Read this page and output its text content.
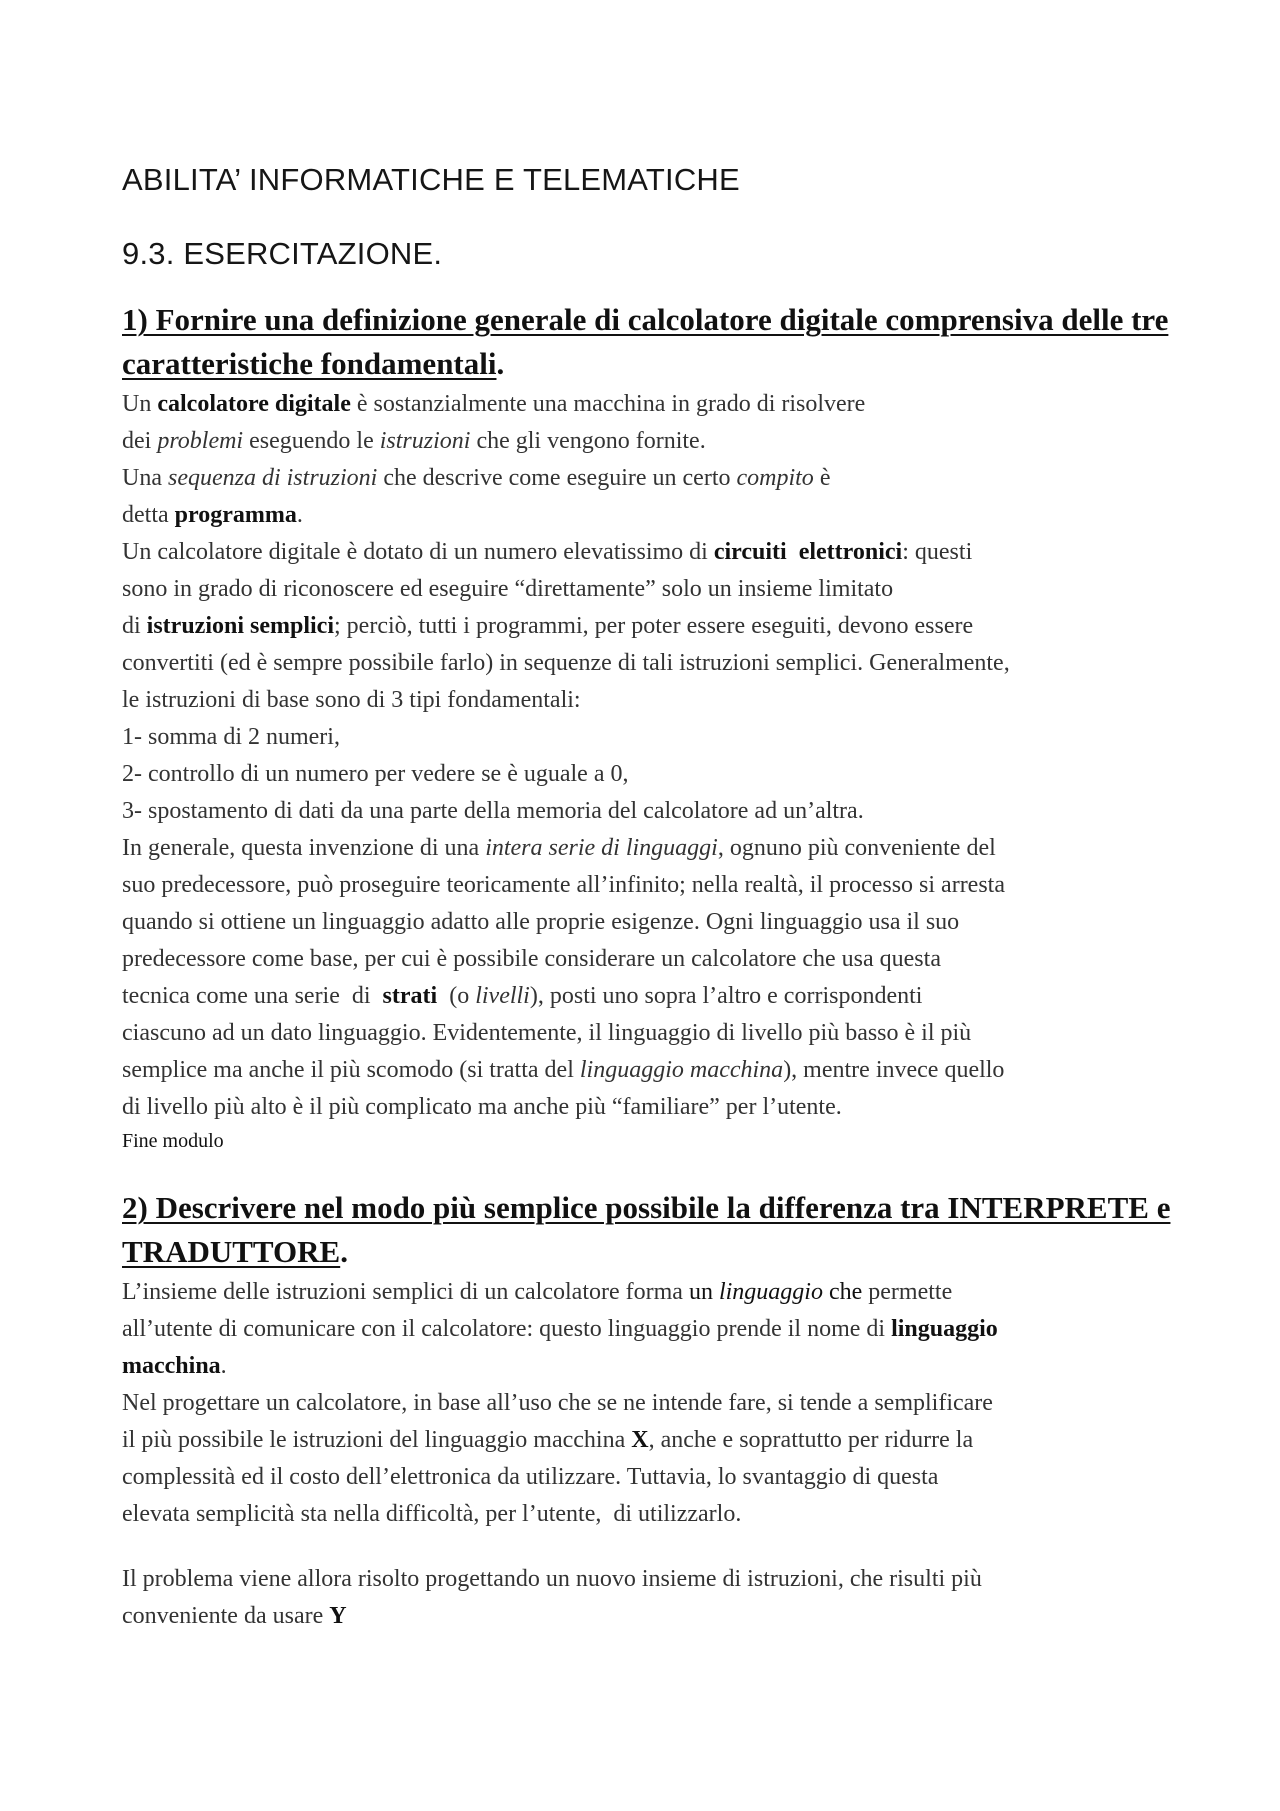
ABILITA’ INFORMATICHE E TELEMATICHE
9.3. ESERCITAZIONE.
1) Fornire una definizione generale di calcolatore digitale comprensiva delle tre caratteristiche fondamentali.

Un calcolatore digitale è sostanzialmente una macchina in grado di risolvere

dei problemi eseguendo le istruzioni che gli vengono fornite.

Una sequenza di istruzioni che descrive come eseguire un certo compito è

detta programma.

Un calcolatore digitale è dotato di un numero elevatissimo di circuiti  elettronici: questi

sono in grado di riconoscere ed eseguire “direttamente” solo un insieme limitato

di istruzioni semplici; perciò, tutti i programmi, per poter essere eseguiti, devono essere

convertiti (ed è sempre possibile farlo) in sequenze di tali istruzioni semplici. Generalmente,

le istruzioni di base sono di 3 tipi fondamentali:

1- somma di 2 numeri,

2- controllo di un numero per vedere se è uguale a 0,

3- spostamento di dati da una parte della memoria del calcolatore ad un’altra.

In generale, questa invenzione di una intera serie di linguaggi, ognuno più conveniente del

suo predecessore, può proseguire teoricamente all’infinito; nella realtà, il processo si arresta

quando si ottiene un linguaggio adatto alle proprie esigenze. Ogni linguaggio usa il suo

predecessore come base, per cui è possibile considerare un calcolatore che usa questa

tecnica come una serie  di  strati  (o livelli), posti uno sopra l’altro e corrispondenti

ciascuno ad un dato linguaggio. Evidentemente, il linguaggio di livello più basso è il più

semplice ma anche il più scomodo (si tratta del linguaggio macchina), mentre invece quello

di livello più alto è il più complicato ma anche più “familiare” per l’utente.

Fine modulo

2) Descrivere nel modo più semplice possibile la differenza tra INTERPRETE e TRADUTTORE.

L’insieme delle istruzioni semplici di un calcolatore forma un linguaggio che permette

all’utente di comunicare con il calcolatore: questo linguaggio prende il nome di linguaggio

macchina.

Nel progettare un calcolatore, in base all’uso che se ne intende fare, si tende a semplificare

il più possibile le istruzioni del linguaggio macchina X, anche e soprattutto per ridurre la

complessità ed il costo dell’elettronica da utilizzare. Tuttavia, lo svantaggio di questa

elevata semplicità sta nella difficoltà, per l’utente,  di utilizzarlo.

Il problema viene allora risolto progettando un nuovo insieme di istruzioni, che risulti più

conveniente da usare Y
